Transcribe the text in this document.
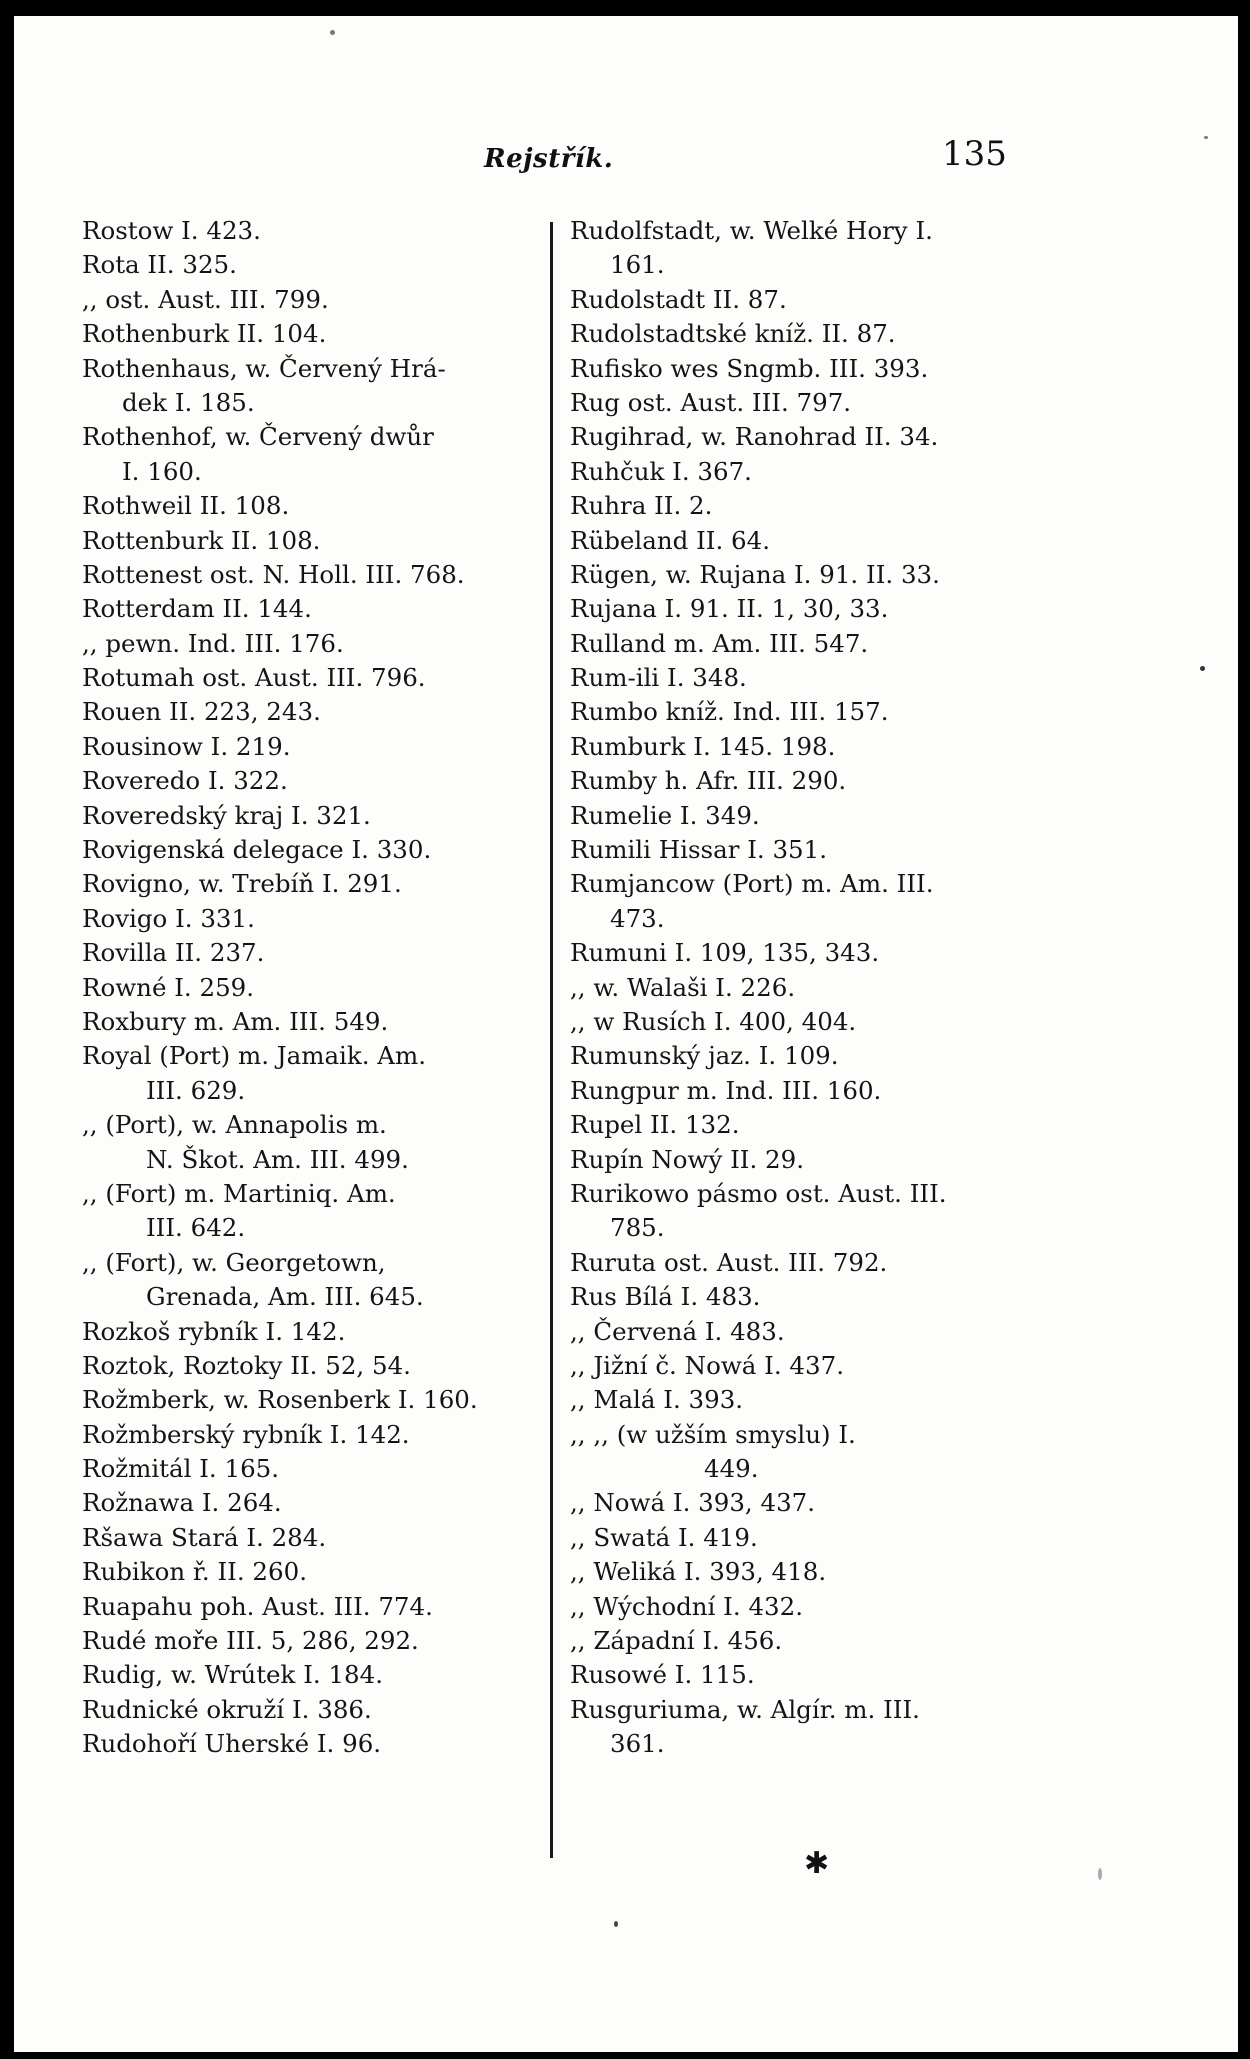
Rejstřík.	135
Rostow I. 423.
Rota II. 325.
,, ost. Aust. III. 799.
Rothenburk II. 104.
Rothenhaus, w. Červený Hrá-
dek I. 185.
Rothenhof, w. Červený dwůr
I. 160.
Rothweil II. 108.
Rottenburk II. 108.
Rottenest ost. N. Holl. III. 768.
Rotterdam II. 144.
,, pewn. Ind. III. 176.
Rotumah ost. Aust. III. 796.
Rouen II. 223, 243.
Rousinow I. 219.
Roveredo I. 322.
Roveredský kraj I. 321.
Rovigenská delegace I. 330.
Rovigno, w. Trebíň I. 291.
Rovigo I. 331.
Rovilla II. 237.
Rowné I. 259.
Roxbury m. Am. III. 549.
Royal (Port) m. Jamaik. Am.
III. 629.
,, (Port), w. Annapolis m.
N. Škot. Am. III. 499.
,, (Fort) m. Martiniq. Am.
III. 642.
,, (Fort), w. Georgetown,
Grenada, Am. III. 645.
Rozkoš rybník I. 142.
Roztok, Roztoky II. 52, 54.
Rožmberk, w. Rosenberk I. 160.
Rožmberský rybník I. 142.
Rožmitál I. 165.
Rožnawa I. 264.
Ršawa Stará I. 284.
Rubikon ř. II. 260.
Ruapahu poh. Aust. III. 774.
Rudé moře III. 5, 286, 292.
Rudig, w. Wrútek I. 184.
Rudnické okruží I. 386.
Rudohoří Uherské I. 96.
Rudolfstadt, w. Welké Hory I.
161.
Rudolstadt II. 87.
Rudolstadtské kníž. II. 87.
Rufisko wes Sngmb. III. 393.
Rug ost. Aust. III. 797.
Rugihrad, w. Ranohrad II. 34.
Ruhčuk I. 367.
Ruhra II. 2.
Rübeland II. 64.
Rügen, w. Rujana I. 91. II. 33.
Rujana I. 91. II. 1, 30, 33.
Rulland m. Am. III. 547.
Rum-ili I. 348.
Rumbo kníž. Ind. III. 157.
Rumburk I. 145. 198.
Rumby h. Afr. III. 290.
Rumelie I. 349.
Rumili Hissar I. 351.
Rumjancow (Port) m. Am. III.
473.
Rumuni I. 109, 135, 343.
,, w. Walaši I. 226.
,, w Rusích I. 400, 404.
Rumunský jaz. I. 109.
Rungpur m. Ind. III. 160.
Rupel II. 132.
Rupín Nowý II. 29.
Rurikowo pásmo ost. Aust. III.
785.
Ruruta ost. Aust. III. 792.
Rus Bílá I. 483.
,, Červená I. 483.
,, Jižní č. Nowá I. 437.
,, Malá I. 393.
,, ,, (w užším smyslu) I.
449.
,, Nowá I. 393, 437.
,, Swatá I. 419.
,, Weliká I. 393, 418.
,, Wýchodní I. 432.
,, Západní I. 456.
Rusowé I. 115.
Rusguriuma, w. Algír. m. III.
361.
✱
